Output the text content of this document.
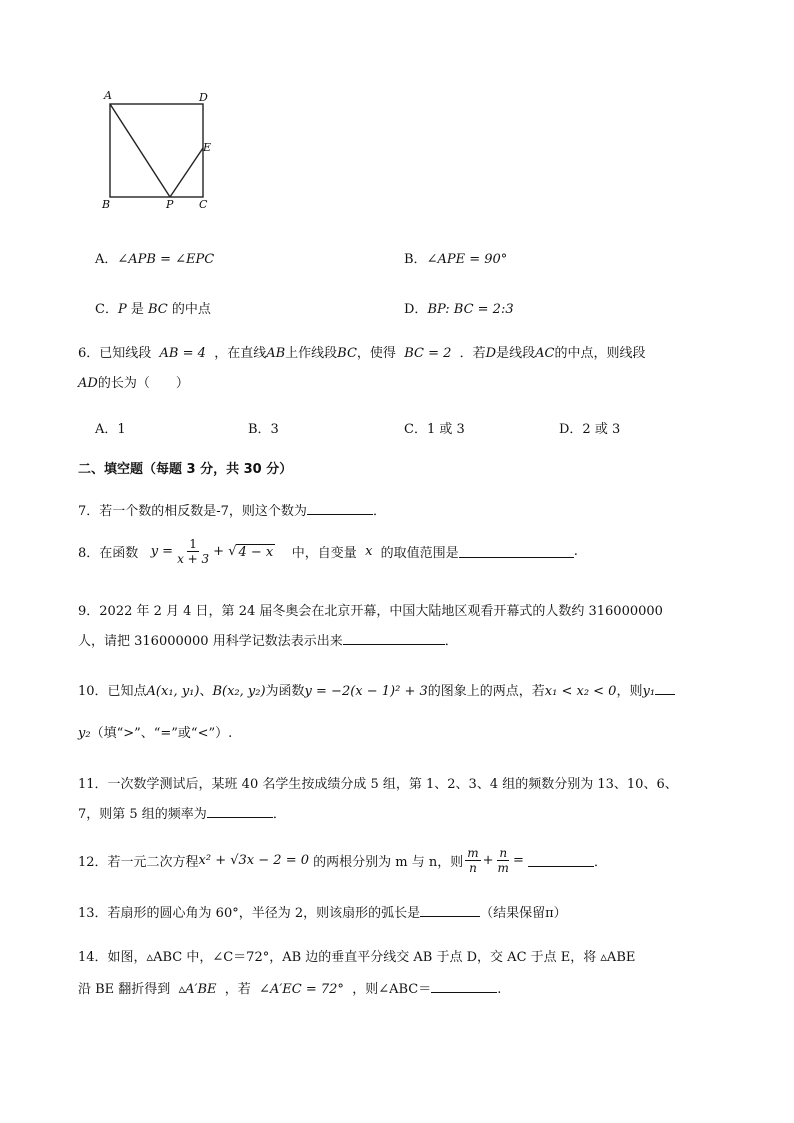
A	D
E
B	P C
A．∠APB = ∠EPC	B．∠APE = 90°
C．P 是 BC 的中点	D．BP: BC = 2:3
6．已知线段 AB = 4 ，在直线AB上作线段BC，使得 BC = 2 ．若D是线段AC的中点，则线段
AD的长为（　　）
A．1	B．3	C．1 或 3	D．2 或 3
二、填空题（每题 3 分，共 30 分）
7．若一个数的相反数是-7，则这个数为	．
8．在函数
$y = \frac{1}{x + 3}$ + √ 4 − x
中，自变量
x
的取值范围是	.
9．2022 年 2 月 4 日，第 24 届冬奥会在北京开幕，中国大陆地区观看开幕式的人数约 316000000
人，请把 316000000 用科学记数法表示出来	．
10．已知点A(x₁, y₁)、B(x₂, y₂)为函数y = −2(x − 1)² + 3的图象上的两点，若x₁ < x₂ < 0，则y₁
y₂（填“>”、“=”或“<”）.
11．一次数学测试后，某班 40 名学生按成绩分成 5 组，第 1、2、3、4 组的频数分别为 13、10、6、
7，则第 5 组的频率为	．
12．若一元二次方程 x² + √3x − 2 = 0
的两根分别为 m 与 n，则 $\frac{m}{n} + \frac{n}{m}$ =
	．
13．若扇形的圆心角为 60°，半径为 2，则该扇形的弧长是	（结果保留π）
14．如图，▵ABC 中，∠C＝72°，AB 边的垂直平分线交 AB 于点 D，交 AC 于点 E，将 ▵ABE
沿 BE 翻折得到 ▵A′BE ，若 ∠A′EC = 72° ，则∠ABC＝	.
